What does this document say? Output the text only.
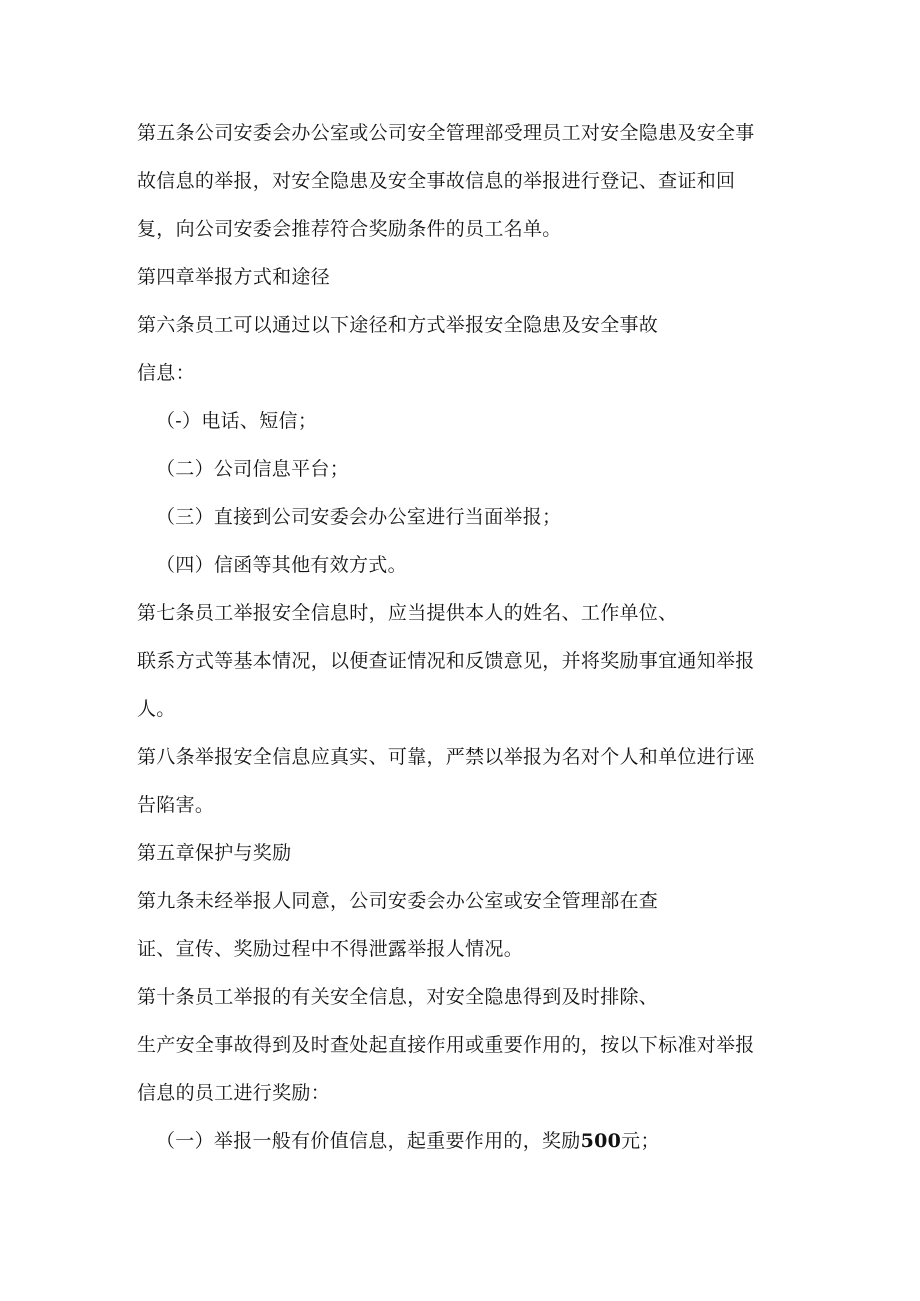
第五条公司安委会办公室或公司安全管理部受理员工对安全隐患及安全事
故信息的举报，对安全隐患及安全事故信息的举报进行登记、查证和回
复，向公司安委会推荐符合奖励条件的员工名单。
第四章举报方式和途径
第六条员工可以通过以下途径和方式举报安全隐患及安全事故
信息：
（-）电话、短信；
（二）公司信息平台；
（三）直接到公司安委会办公室进行当面举报；
（四）信函等其他有效方式。
第七条员工举报安全信息时，应当提供本人的姓名、工作单位、
联系方式等基本情况，以便查证情况和反馈意见，并将奖励事宜通知举报
人。
第八条举报安全信息应真实、可靠，严禁以举报为名对个人和单位进行诬
告陷害。
第五章保护与奖励
第九条未经举报人同意，公司安委会办公室或安全管理部在查
证、宣传、奖励过程中不得泄露举报人情况。
第十条员工举报的有关安全信息，对安全隐患得到及时排除、
生产安全事故得到及时查处起直接作用或重要作用的，按以下标准对举报
信息的员工进行奖励：
（一）举报一般有价值信息，起重要作用的，奖励500元；
